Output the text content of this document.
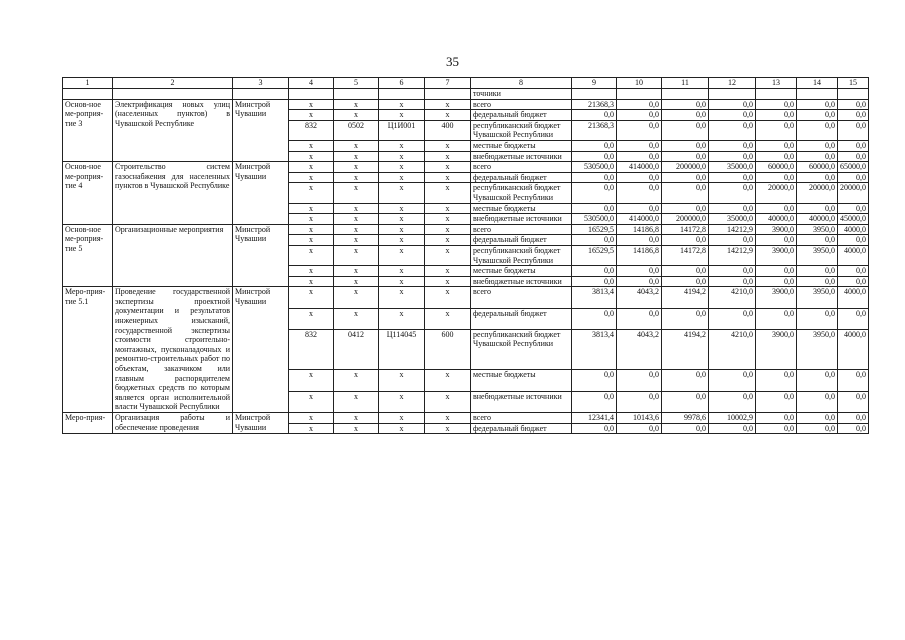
35
1	2	3	4	5	6	7	8	9	10	11	12	13	14	15
							точники							
Основ-ное ме-роприя-тие 3	Электрификация новых улиц (населенных пунктов) в Чувашской Республике	Минстрой Чувашии	x	x	x	x	всего	21368,3	0,0	0,0	0,0	0,0	0,0	0,0
			x	x	x	x	федеральный бюджет	0,0	0,0	0,0	0,0	0,0	0,0	0,0
			832	0502	Ц1И001	400	республиканский бюджет Чувашской Республики	21368,3	0,0	0,0	0,0	0,0	0,0	0,0
			x	x	x	x	местные бюджеты	0,0	0,0	0,0	0,0	0,0	0,0	0,0
			x	x	x	x	внебюджетные источники	0,0	0,0	0,0	0,0	0,0	0,0	0,0
Основ-ное ме-роприя-тие 4	Строительство систем газоснабжения для населенных пунктов в Чувашской Республике	Минстрой Чувашии	x	x	x	x	всего	530500,0	414000,0	200000,0	35000,0	60000,0	60000,0	65000,0
			x	x	x	x	федеральный бюджет	0,0	0,0	0,0	0,0	0,0	0,0	0,0
			x	x	x	x	республиканский бюджет Чувашской Республики	0,0	0,0	0,0	0,0	20000,0	20000,0	20000,0
			x	x	x	x	местные бюджеты	0,0	0,0	0,0	0,0	0,0	0,0	0,0
			x	x	x	x	внебюджетные источники	530500,0	414000,0	200000,0	35000,0	40000,0	40000,0	45000,0
Основ-ное ме-роприя-тие 5	Организационные мероприятия	Минстрой Чувашии	x	x	x	x	всего	16529,5	14186,8	14172,8	14212,9	3900,0	3950,0	4000,0
			x	x	x	x	федеральный бюджет	0,0	0,0	0,0	0,0	0,0	0,0	0,0
			x	x	x	x	республиканский бюджет Чувашской Республики	16529,5	14186,8	14172,8	14212,9	3900,0	3950,0	4000,0
			x	x	x	x	местные бюджеты	0,0	0,0	0,0	0,0	0,0	0,0	0,0
			x	x	x	x	внебюджетные источники	0,0	0,0	0,0	0,0	0,0	0,0	0,0
Меро-прия-тие 5.1	Проведение государственной экспертизы проектной документации и результатов инженерных изысканий, государственной экспертизы стоимости строительно-монтажных, пусконаладочных и ремонтно-строительных работ по объектам, заказчиком или главным распорядителем бюджетных средств по которым является орган исполнительной власти Чувашской Республики	Минстрой Чувашии	x	x	x	x	всего	3813,4	4043,2	4194,2	4210,0	3900,0	3950,0	4000,0
			x	x	x	x	федеральный бюджет	0,0	0,0	0,0	0,0	0,0	0,0	0,0
			832	0412	Ц114045	600	республиканский бюджет Чувашской Республики	3813,4	4043,2	4194,2	4210,0	3900,0	3950,0	4000,0
			x	x	x	x	местные бюджеты	0,0	0,0	0,0	0,0	0,0	0,0	0,0
			x	x	x	x	внебюджетные источники	0,0	0,0	0,0	0,0	0,0	0,0	0,0
Меро-прия-	Организация работы и обеспечение проведения	Минстрой Чувашии	x	x	x	x	всего	12341,4	10143,6	9978,6	10002,9	0,0	0,0	0,0
			x	x	x	x	федеральный бюджет	0,0	0,0	0,0	0,0	0,0	0,0	0,0
